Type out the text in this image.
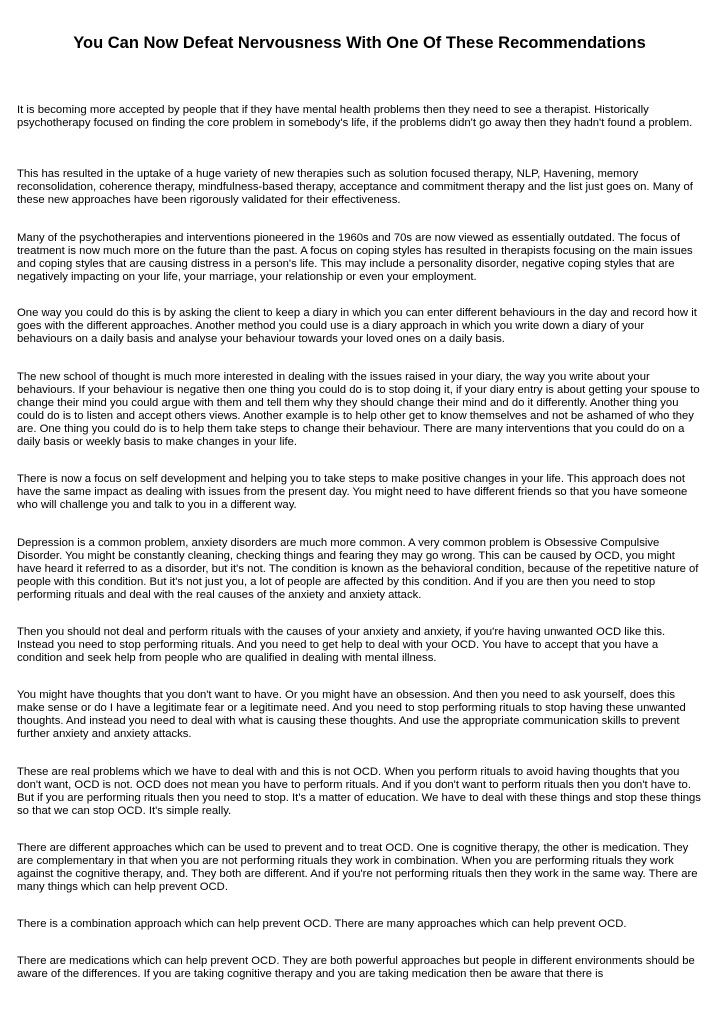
You Can Now Defeat Nervousness With One Of These Recommendations

It is becoming more accepted by people that if they have mental health problems then they need to see a therapist. Historically psychotherapy focused on finding the core problem in somebody's life, if the problems didn't go away then they hadn't found a problem.

This has resulted in the uptake of a huge variety of new therapies such as solution focused therapy, NLP, Havening, memory reconsolidation, coherence therapy, mindfulness-based therapy, acceptance and commitment therapy and the list just goes on. Many of these new approaches have been rigorously validated for their effectiveness.

Many of the psychotherapies and interventions pioneered in the 1960s and 70s are now viewed as essentially outdated. The focus of treatment is now much more on the future than the past. A focus on coping styles has resulted in therapists focusing on the main issues and coping styles that are causing distress in a person's life. This may include a personality disorder, negative coping styles that are negatively impacting on your life, your marriage, your relationship or even your employment.

One way you could do this is by asking the client to keep a diary in which you can enter different behaviours in the day and record how it goes with the different approaches. Another method you could use is a diary approach in which you write down a diary of your behaviours on a daily basis and analyse your behaviour towards your loved ones on a daily basis.

The new school of thought is much more interested in dealing with the issues raised in your diary, the way you write about your behaviours. If your behaviour is negative then one thing you could do is to stop doing it, if your diary entry is about getting your spouse to change their mind you could argue with them and tell them why they should change their mind and do it differently. Another thing you could do is to listen and accept others views. Another example is to help other get to know themselves and not be ashamed of who they are. One thing you could do is to help them take steps to change their behaviour. There are many interventions that you could do on a daily basis or weekly basis to make changes in your life.

There is now a focus on self development and helping you to take steps to make positive changes in your life. This approach does not have the same impact as dealing with issues from the present day. You might need to have different friends so that you have someone who will challenge you and talk to you in a different way.

Depression is a common problem, anxiety disorders are much more common. A very common problem is Obsessive Compulsive Disorder. You might be constantly cleaning, checking things and fearing they may go wrong. This can be caused by OCD, you might have heard it referred to as a disorder, but it's not. The condition is known as the behavioral condition, because of the repetitive nature of people with this condition. But it's not just you, a lot of people are affected by this condition. And if you are then you need to stop performing rituals and deal with the real causes of the anxiety and anxiety attack.

Then you should not deal and perform rituals with the causes of your anxiety and anxiety, if you're having unwanted OCD like this. Instead you need to stop performing rituals. And you need to get help to deal with your OCD. You have to accept that you have a condition and seek help from people who are qualified in dealing with mental illness.

You might have thoughts that you don't want to have. Or you might have an obsession. And then you need to ask yourself, does this make sense or do I have a legitimate fear or a legitimate need. And you need to stop performing rituals to stop having these unwanted thoughts. And instead you need to deal with what is causing these thoughts. And use the appropriate communication skills to prevent further anxiety and anxiety attacks.

These are real problems which we have to deal with and this is not OCD. When you perform rituals to avoid having thoughts that you don't want, OCD is not. OCD does not mean you have to perform rituals. And if you don't want to perform rituals then you don't have to. But if you are performing rituals then you need to stop. It's a matter of education. We have to deal with these things and stop these things so that we can stop OCD. It's simple really.

There are different approaches which can be used to prevent and to treat OCD. One is cognitive therapy, the other is medication. They are complementary in that when you are not performing rituals they work in combination. When you are performing rituals they work against the cognitive therapy, and. They both are different. And if you're not performing rituals then they work in the same way. There are many things which can help prevent OCD.

There is a combination approach which can help prevent OCD. There are many approaches which can help prevent OCD.

There are medications which can help prevent OCD. They are both powerful approaches but people in different environments should be aware of the differences. If you are taking cognitive therapy and you are taking medication then be aware that there is
